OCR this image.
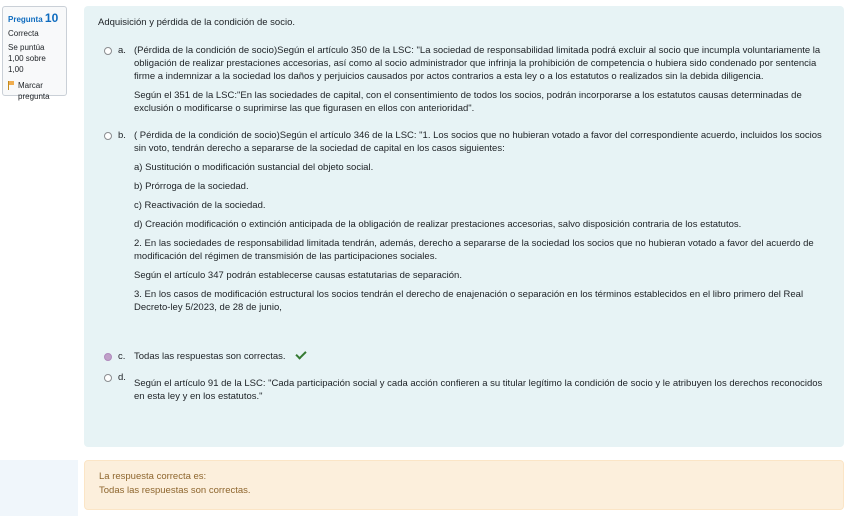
Pregunta 10
Correcta
Se puntúa 1,00 sobre 1,00
Marcar pregunta
Adquisición y pérdida de la condición de socio.
a. (Pérdida de la condición de socio)Según el artículo 350 de la LSC: "La sociedad de responsabilidad limitada podrá excluir al socio que incumpla voluntariamente la obligación de realizar prestaciones accesorias, así como al socio administrador que infrinja la prohibición de competencia o hubiera sido condenado por sentencia firme a indemnizar a la sociedad los daños y perjuicios causados por actos contrarios a esta ley o a los estatutos o realizados sin la debida diligencia.

Según el 351 de la LSC:"En las sociedades de capital, con el consentimiento de todos los socios, podrán incorporarse a los estatutos causas determinadas de exclusión o modificarse o suprimirse las que figurasen en ellos con anterioridad".

b. ( Pérdida de la condición de socio)Según el artículo 346 de la LSC: "1. Los socios que no hubieran votado a favor del correspondiente acuerdo, incluidos los socios sin voto, tendrán derecho a separarse de la sociedad de capital en los casos siguientes:

a) Sustitución o modificación sustancial del objeto social.

b) Prórroga de la sociedad.

c) Reactivación de la sociedad.

d) Creación modificación o extinción anticipada de la obligación de realizar prestaciones accesorias, salvo disposición contraria de los estatutos.

2. En las sociedades de responsabilidad limitada tendrán, además, derecho a separarse de la sociedad los socios que no hubieran votado a favor del acuerdo de modificación del régimen de transmisión de las participaciones sociales.

Según el artículo 347 podrán establecerse causas estatutarias de separación.

3. En los casos de modificación estructural los socios tendrán el derecho de enajenación o separación en los términos establecidos en el libro primero del Real Decreto-ley 5/2023, de 28 de junio,

c. Todas las respuestas son correctas.
d.
Según el artículo 91 de la LSC: "Cada participación social y cada acción confieren a su titular legítimo la condición de socio y le atribuyen los derechos reconocidos en esta ley y en los estatutos."
La respuesta correcta es:
Todas las respuestas son correctas.
